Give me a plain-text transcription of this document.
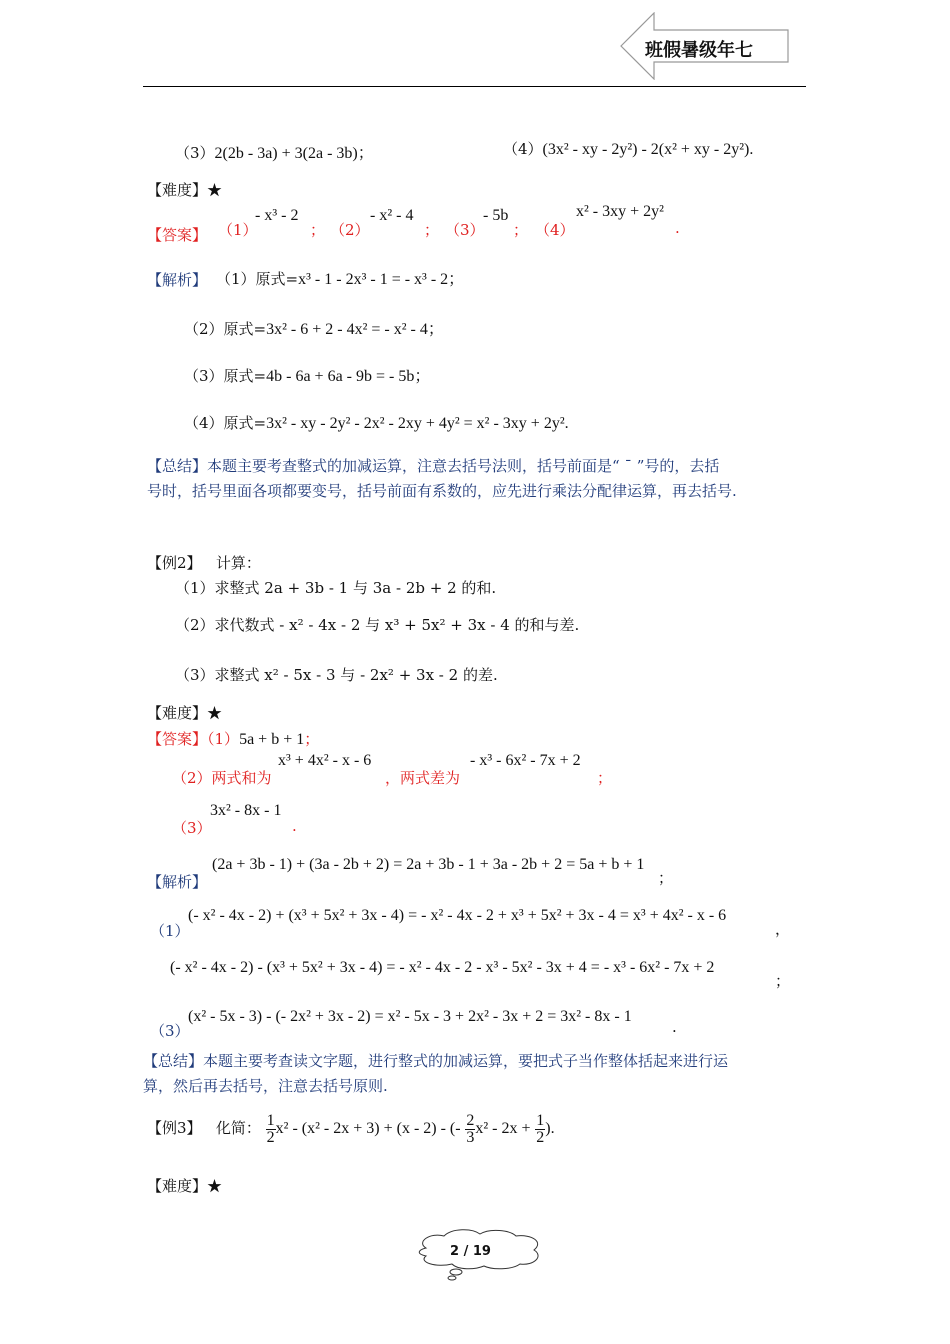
班假暑级年七
（3）2(2b - 3a) + 3(2a - 3b)；	（4）(3x² - xy - 2y²) - 2(x² + xy - 2y²).
【难度】★
【答案】 （1）
- x³ - 2
； （2）
- x² - 4
； （3）
- 5b
； （4）
x² - 3xy + 2y²
.
【解析】 （1）原式=x³ - 1 - 2x³ - 1 = - x³ - 2；
（2）原式=3x² - 6 + 2 - 4x² = - x² - 4；
（3）原式=4b - 6a + 6a - 9b = - 5b；
（4）原式=3x² - xy - 2y² - 2x² - 2xy + 4y² = x² - 3xy + 2y².
【总结】本题主要考查整式的加减运算，注意去括号法则，括号前面是“ ˉ ”号的，去括
号时，括号里面各项都要变号，括号前面有系数的，应先进行乘法分配律运算，再去括号.
【例2】 计算：
（1）求整式 2a + 3b - 1 与 3a - 2b + 2 的和.
（2）求代数式 - x² - 4x - 2 与 x³ + 5x² + 3x - 4 的和与差.
（3）求整式 x² - 5x - 3 与 - 2x² + 3x - 2 的差.
【难度】★
【答案】（1）5a + b + 1；
（2）两式和为
x³ + 4x² - x - 6
，两式差为
- x³ - 6x² - 7x + 2
；
（3）
3x² - 8x - 1
.
【解析】
(2a + 3b - 1) + (3a - 2b + 2) = 2a + 3b - 1 + 3a - 2b + 2 = 5a + b + 1
；
（1）
(- x² - 4x - 2) + (x³ + 5x² + 3x - 4) = - x² - 4x - 2 + x³ + 5x² + 3x - 4 = x³ + 4x² - x - 6
，
(- x² - 4x - 2) - (x³ + 5x² + 3x - 4) = - x² - 4x - 2 - x³ - 5x² - 3x + 4 = - x³ - 6x² - 7x + 2
；
（3）
(x² - 5x - 3) - (- 2x² + 3x - 2) = x² - 5x - 3 + 2x² - 3x + 2 = 3x² - 8x - 1
.
【总结】本题主要考查读文字题，进行整式的加减运算，要把式子当作整体括起来进行运
算，然后再去括号，注意去括号原则.
【例3】 化简： $\frac{1}{2} x^2 - (x^2 - 2x + 3) + (x - 2)$ - (- $\frac{2}{3} x^2 - 2x + \frac{1}{2}$ ).
【难度】★
2 / 19
